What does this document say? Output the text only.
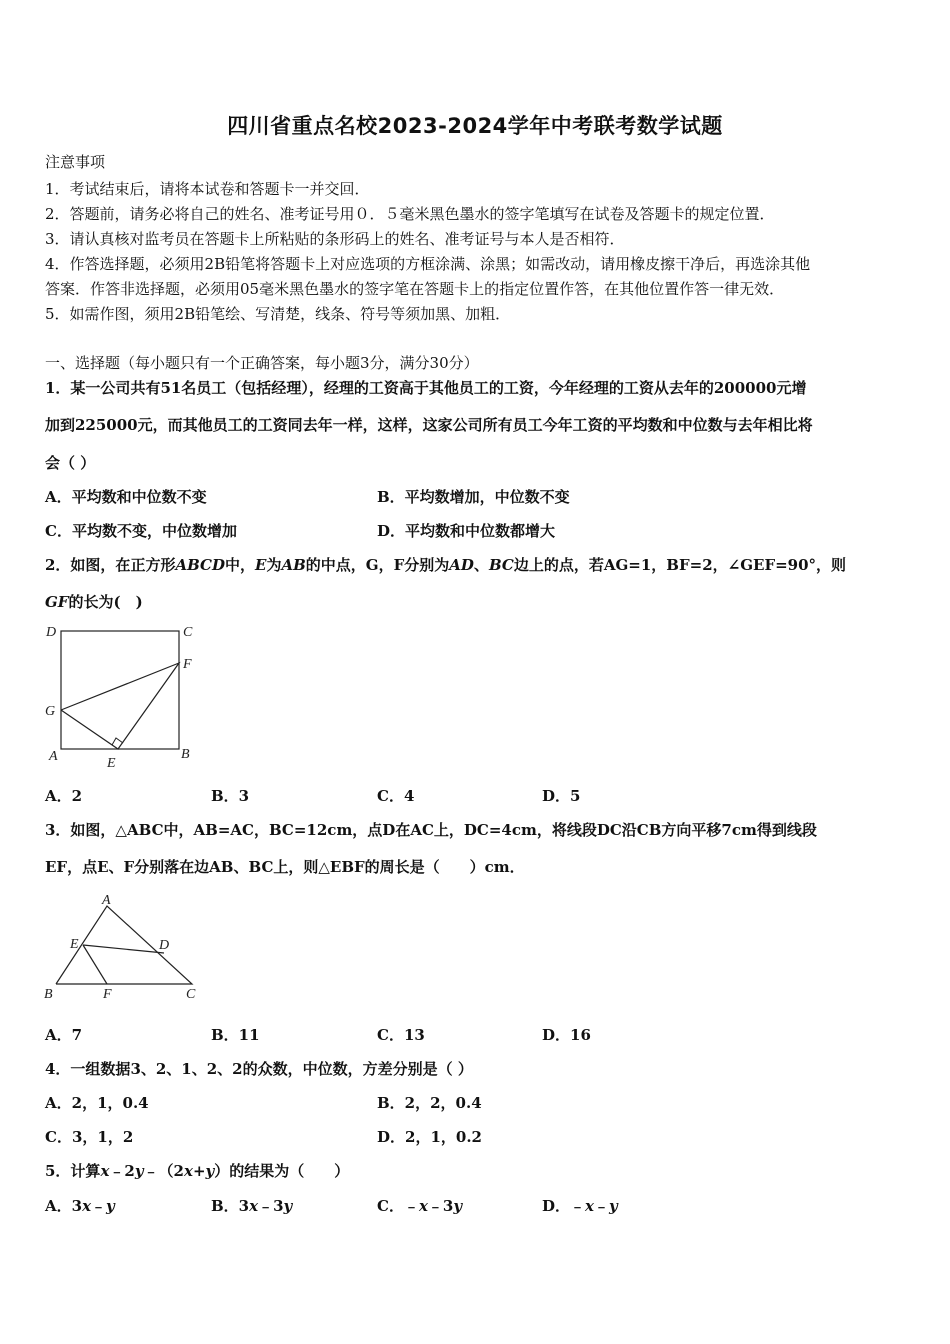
四川省重点名校2023-2024学年中考联考数学试题
注意事项
1．考试结束后，请将本试卷和答题卡一并交回．
2．答题前，请务必将自己的姓名、准考证号用０．５毫米黑色墨水的签字笔填写在试卷及答题卡的规定位置．
3．请认真核对监考员在答题卡上所粘贴的条形码上的姓名、准考证号与本人是否相符．
4．作答选择题，必须用2B铅笔将答题卡上对应选项的方框涂满、涂黑；如需改动，请用橡皮擦干净后，再选涂其他
答案．作答非选择题，必须用05毫米黑色墨水的签字笔在答题卡上的指定位置作答，在其他位置作答一律无效．
5．如需作图，须用2B铅笔绘、写清楚，线条、符号等须加黑、加粗．
一、选择题（每小题只有一个正确答案，每小题3分，满分30分）
1．某一公司共有51名员工（包括经理），经理的工资高于其他员工的工资，今年经理的工资从去年的200000元增
加到225000元，而其他员工的工资同去年一样，这样，这家公司所有员工今年工资的平均数和中位数与去年相比将
会（ ）
A．平均数和中位数不变	B．平均数增加，中位数不变
C．平均数不变，中位数增加	D．平均数和中位数都增大
2．如图，在正方形ABCD中，E为AB的中点，G，F分别为AD、BC边上的点，若AG=1，BF=2，∠GEF=90°，则
GF的长为(　)
D	C
F
G
A	E
B
A．2	B．3	C．4	D．5
3．如图，△ABC中，AB=AC，BC=12cm，点D在AC上，DC=4cm，将线段DC沿CB方向平移7cm得到线段
EF，点E、F分别落在边AB、BC上，则△EBF的周长是（　　）cm．
A
E	D
B	F	C
A．7	B．11	C．13	D．16
4．一组数据3、2、1、2、2的众数，中位数，方差分别是（ ）
A．2，1，0.4	B．2，2，0.4
C．3，1，2	D．2，1，0.2
5．计算x﹣2y﹣（2x+y）的结果为（　　）
A．3x﹣y	B．3x﹣3y	C．﹣x﹣3y	D．﹣x﹣y
